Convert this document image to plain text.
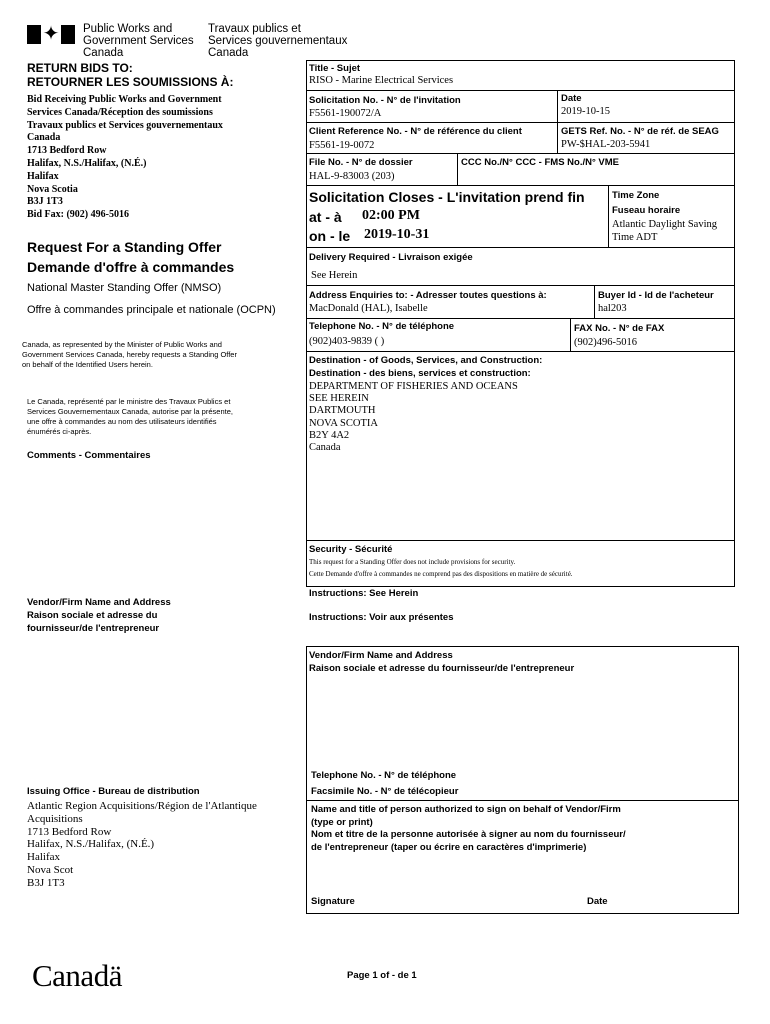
✦ Public Works and
Government Services
Canada
Travaux publics et
Services gouvernementaux
Canada
RETURN BIDS TO:
RETOURNER LES SOUMISSIONS À:
Bid Receiving Public Works and Government
Services Canada/Réception des soumissions
Travaux publics et Services gouvernementaux
Canada
1713 Bedford Row
Halifax, N.S./Halifax, (N.É.)
Halifax
Nova Scotia
B3J 1T3
Bid Fax: (902) 496-5016
Request For a Standing Offer
Demande d'offre à commandes
National Master Standing Offer (NMSO)
Offre à commandes principale et nationale (OCPN)
Canada, as represented by the Minister of Public Works and
Government Services Canada, hereby requests a Standing Offer
on behalf of the Identified Users herein.
Le Canada, représenté par le ministre des Travaux Publics et
Services Gouvernementaux Canada, autorise par la présente,
une offre à commandes au nom des utilisateurs identifiés
énumérés ci-après.
Comments - Commentaires
Vendor/Firm Name and Address
Raison sociale et adresse du
fournisseur/de l'entrepreneur
Issuing Office - Bureau de distribution
Atlantic Region Acquisitions/Région de l'Atlantique
Acquisitions
1713 Bedford Row
Halifax, N.S./Halifax, (N.É.)
Halifax
Nova Scot
B3J 1T3
Title - Sujet
RISO - Marine Electrical Services
Solicitation No. - N° de l'invitation
F5561-190072/A
Date
2019-10-15
Client Reference No. - N° de référence du client
F5561-19-0072
GETS Ref. No. - N° de réf. de SEAG
PW-$HAL-203-5941
File No. - N° de dossier
HAL-9-83003 (203)
CCC No./N° CCC - FMS No./N° VME
Solicitation Closes - L'invitation prend fin
at - à 02:00 PM
on - le 2019-10-31
Time Zone
Fuseau horaire
Atlantic Daylight Saving
Time ADT
Delivery Required - Livraison exigée
See Herein
Address Enquiries to: - Adresser toutes questions à:
MacDonald (HAL), Isabelle
Buyer Id - Id de l'acheteur
hal203
Telephone No. - N° de téléphone
(902)403-9839 ( )
FAX No. - N° de FAX
(902)496-5016
Destination - of Goods, Services, and Construction:
Destination - des biens, services et construction:
DEPARTMENT OF FISHERIES AND OCEANS
SEE HEREIN
DARTMOUTH
NOVA SCOTIA
B2Y 4A2
Canada
Security - Sécurité
This request for a Standing Offer does not include provisions for security.
Cette Demande d'offre à commandes ne comprend pas des dispositions en matière de sécurité.
Instructions: See Herein
Instructions: Voir aux présentes
Vendor/Firm Name and Address
Raison sociale et adresse du fournisseur/de l'entrepreneur
Telephone No. - N° de téléphone
Facsimile No. - N° de télécopieur
Name and title of person authorized to sign on behalf of Vendor/Firm
(type or print)
Nom et titre de la personne autorisée à signer au nom du fournisseur/
de l'entrepreneur (taper ou écrire en caractères d'imprimerie)
Signature	Date
Canadä	Page 1 of - de 1
